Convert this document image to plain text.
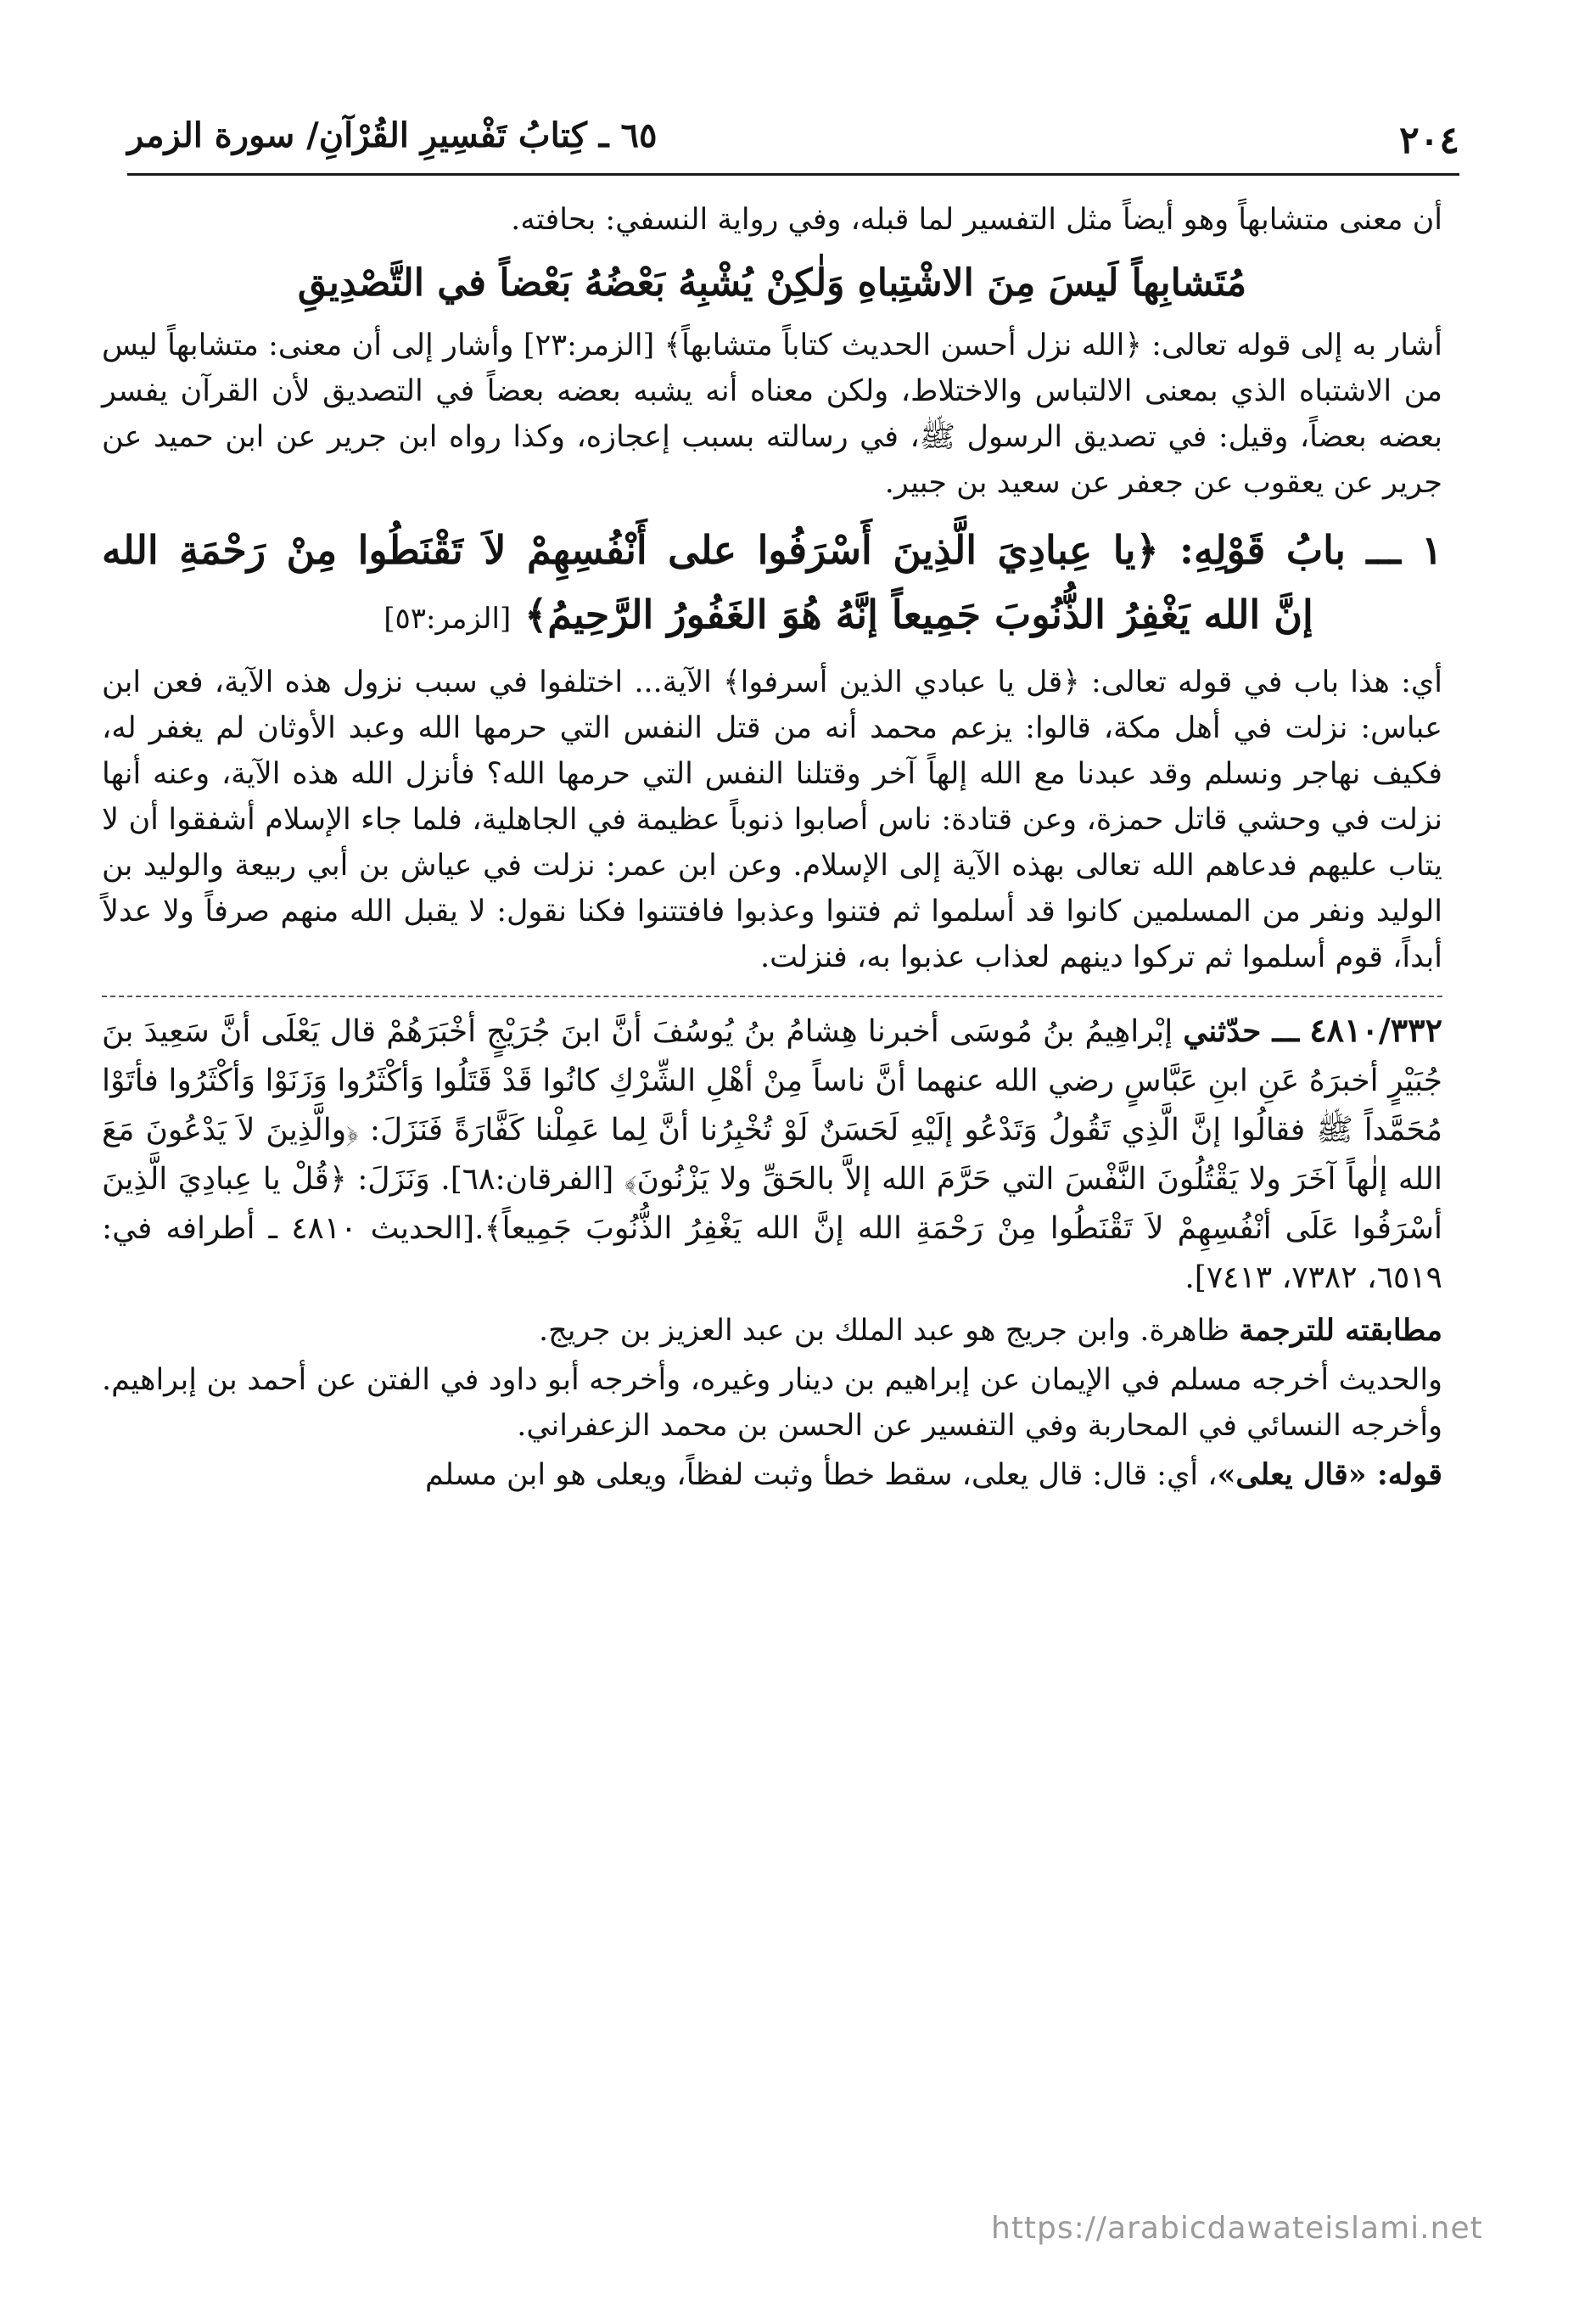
٢٠٤
٦٥ ـ كِتابُ تَفْسِيرِ القُرْآنِ/ سورة الزمر

أن معنى متشابهاً وهو أيضاً مثل التفسير لما قبله، وفي رواية النسفي: بحافته.

مُتَشابِهاً لَيسَ مِنَ الاشْتِباهِ وَلٰكِنْ يُشْبِهُ بَعْضُهُ بَعْضاً في التَّصْدِيقِ

أشار به إلى قوله تعالى: ﴿الله نزل أحسن الحديث كتاباً متشابهاً﴾ [الزمر:٢٣] وأشار إلى أن معنى: متشابهاً ليس من الاشتباه الذي بمعنى الالتباس والاختلاط، ولكن معناه أنه يشبه بعضه بعضاً في التصديق لأن القرآن يفسر بعضه بعضاً، وقيل: في تصديق الرسول ﷺ، في رسالته بسبب إعجازه، وكذا رواه ابن جرير عن ابن حميد عن جرير عن يعقوب عن جعفر عن سعيد بن جبير.

١ ـــ بابُ قَوْلِهِ: ﴿يا عِبادِيَ الَّذِينَ أَسْرَفُوا على أَنْفُسِهِمْ لاَ تَقْنَطُوا مِنْ رَحْمَةِ الله
إنَّ الله يَغْفِرُ الذُّنُوبَ جَمِيعاً إنَّهُ هُوَ الغَفُورُ الرَّحِيمُ﴾ [الزمر:٥٣]

أي: هذا باب في قوله تعالى: ﴿قل يا عبادي الذين أسرفوا﴾ الآية... اختلفوا في سبب نزول هذه الآية، فعن ابن عباس: نزلت في أهل مكة، قالوا: يزعم محمد أنه من قتل النفس التي حرمها الله وعبد الأوثان لم يغفر له، فكيف نهاجر ونسلم وقد عبدنا مع الله إلهاً آخر وقتلنا النفس التي حرمها الله؟ فأنزل الله هذه الآية، وعنه أنها نزلت في وحشي قاتل حمزة، وعن قتادة: ناس أصابوا ذنوباً عظيمة في الجاهلية، فلما جاء الإسلام أشفقوا أن لا يتاب عليهم فدعاهم الله تعالى بهذه الآية إلى الإسلام. وعن ابن عمر: نزلت في عياش بن أبي ربيعة والوليد بن الوليد ونفر من المسلمين كانوا قد أسلموا ثم فتنوا وعذبوا فافتتنوا فكنا نقول: لا يقبل الله منهم صرفاً ولا عدلاً أبداً، قوم أسلموا ثم تركوا دينهم لعذاب عذبوا به، فنزلت.

٤٨١٠/٣٣٢ ـــ حدّثني إبْراهِيمُ بنُ مُوسَى أخبرنا هِشامُ بنُ يُوسُفَ أنَّ ابنَ جُرَيْجٍ أخْبَرَهُمْ قال يَعْلَى أنَّ سَعِيدَ بنَ جُبَيْرٍ أخبرَهُ عَنِ ابنِ عَبَّاسٍ رضي الله عنهما أنَّ ناساً مِنْ أهْلِ الشِّرْكِ كانُوا قَدْ قَتَلُوا وَأكْثَرُوا وَزَنَوْا وَأكْثَرُوا فأتَوْا مُحَمَّداً ﷺ فقالُوا إنَّ الَّذِي تَقُولُ وَتَدْعُو إلَيْهِ لَحَسَنٌ لَوْ تُخْبِرُنا أنَّ لِما عَمِلْنا كَفَّارَةً فَنَزَلَ: ﴿والَّذِينَ لاَ يَدْعُونَ مَعَ الله إلٰهاً آخَرَ ولا يَقْتُلُونَ النَّفْسَ التي حَرَّمَ الله إلاَّ بالحَقِّ ولا يَزْنُونَ﴾ [الفرقان:٦٨]. وَنَزَلَ: ﴿قُلْ يا عِبادِيَ الَّذِينَ أسْرَفُوا عَلَى أنْفُسِهِمْ لاَ تَقْنَطُوا مِنْ رَحْمَةِ الله إنَّ الله يَغْفِرُ الذُّنُوبَ جَمِيعاً﴾.[الحديث ٤٨١٠ ـ أطرافه في: ٦٥١٩، ٧٣٨٢، ٧٤١٣].

مطابقته للترجمة ظاهرة. وابن جريج هو عبد الملك بن عبد العزيز بن جريج.

والحديث أخرجه مسلم في الإيمان عن إبراهيم بن دينار وغيره، وأخرجه أبو داود في الفتن عن أحمد بن إبراهيم. وأخرجه النسائي في المحاربة وفي التفسير عن الحسن بن محمد الزعفراني.

قوله: «قال يعلى»، أي: قال: قال يعلى، سقط خطأ وثبت لفظاً، ويعلى هو ابن مسلم

https://arabicdawateislami.net
